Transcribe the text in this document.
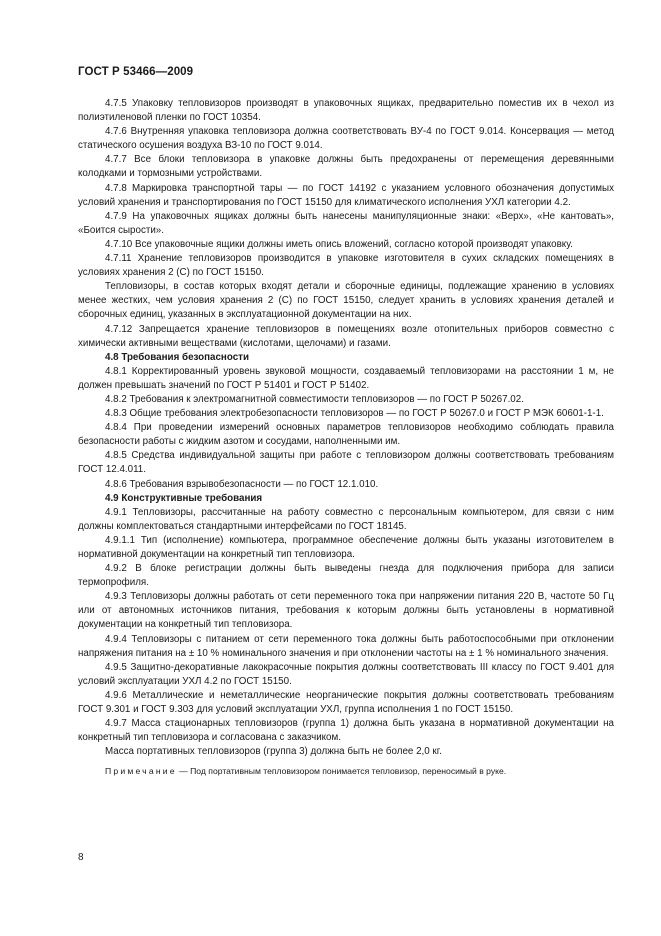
ГОСТ Р 53466—2009

4.7.5 Упаковку тепловизоров производят в упаковочных ящиках, предварительно поместив их в чехол из полиэтиленовой пленки по ГОСТ 10354.

4.7.6 Внутренняя упаковка тепловизора должна соответствовать ВУ-4 по ГОСТ 9.014. Консервация — метод статического осушения воздуха ВЗ-10 по ГОСТ 9.014.

4.7.7 Все блоки тепловизора в упаковке должны быть предохранены от перемещения деревянными колодками и тормозными устройствами.

4.7.8 Маркировка транспортной тары — по ГОСТ 14192 с указанием условного обозначения допустимых условий хранения и транспортирования по ГОСТ 15150 для климатического исполнения УХЛ категории 4.2.

4.7.9 На упаковочных ящиках должны быть нанесены манипуляционные знаки: «Верх», «Не кантовать», «Боится сырости».

4.7.10 Все упаковочные ящики должны иметь опись вложений, согласно которой производят упаковку.

4.7.11 Хранение тепловизоров производится в упаковке изготовителя в сухих складских помещениях в условиях хранения 2 (С) по ГОСТ 15150.

Тепловизоры, в состав которых входят детали и сборочные единицы, подлежащие хранению в условиях менее жестких, чем условия хранения 2 (С) по ГОСТ 15150, следует хранить в условиях хранения деталей и сборочных единиц, указанных в эксплуатационной документации на них.

4.7.12 Запрещается хранение тепловизоров в помещениях возле отопительных приборов совместно с химически активными веществами (кислотами, щелочами) и газами.

4.8 Требования безопасности

4.8.1 Корректированный уровень звуковой мощности, создаваемый тепловизорами на расстоянии 1 м, не должен превышать значений по ГОСТ Р 51401 и ГОСТ Р 51402.

4.8.2 Требования к электромагнитной совместимости тепловизоров — по ГОСТ Р 50267.02.

4.8.3 Общие требования электробезопасности тепловизоров — по ГОСТ Р 50267.0 и ГОСТ Р МЭК 60601-1-1.

4.8.4 При проведении измерений основных параметров тепловизоров необходимо соблюдать правила безопасности работы с жидким азотом и сосудами, наполненными им.

4.8.5 Средства индивидуальной защиты при работе с тепловизором должны соответствовать требованиям ГОСТ 12.4.011.

4.8.6 Требования взрывобезопасности — по ГОСТ 12.1.010.

4.9 Конструктивные требования

4.9.1 Тепловизоры, рассчитанные на работу совместно с персональным компьютером, для связи с ним должны комплектоваться стандартными интерфейсами по ГОСТ 18145.

4.9.1.1 Тип (исполнение) компьютера, программное обеспечение должны быть указаны изготовителем в нормативной документации на конкретный тип тепловизора.

4.9.2 В блоке регистрации должны быть выведены гнезда для подключения прибора для записи термопрофиля.

4.9.3 Тепловизоры должны работать от сети переменного тока при напряжении питания 220 В, частоте 50 Гц или от автономных источников питания, требования к которым должны быть установлены в нормативной документации на конкретный тип тепловизора.

4.9.4 Тепловизоры с питанием от сети переменного тока должны быть работоспособными при отклонении напряжения питания на ± 10 % номинального значения и при отклонении частоты на ± 1 % номинального значения.

4.9.5 Защитно-декоративные лакокрасочные покрытия должны соответствовать III классу по ГОСТ 9.401 для условий эксплуатации УХЛ 4.2 по ГОСТ 15150.

4.9.6 Металлические и неметаллические неорганические покрытия должны соответствовать требованиям ГОСТ 9.301 и ГОСТ 9.303 для условий эксплуатации УХЛ, группа исполнения 1 по ГОСТ 15150.

4.9.7 Масса стационарных тепловизоров (группа 1) должна быть указана в нормативной документации на конкретный тип тепловизора и согласована с заказчиком.

Масса портативных тепловизоров (группа 3) должна быть не более 2,0 кг.

Примечание — Под портативным тепловизором понимается тепловизор, переносимый в руке.

8
